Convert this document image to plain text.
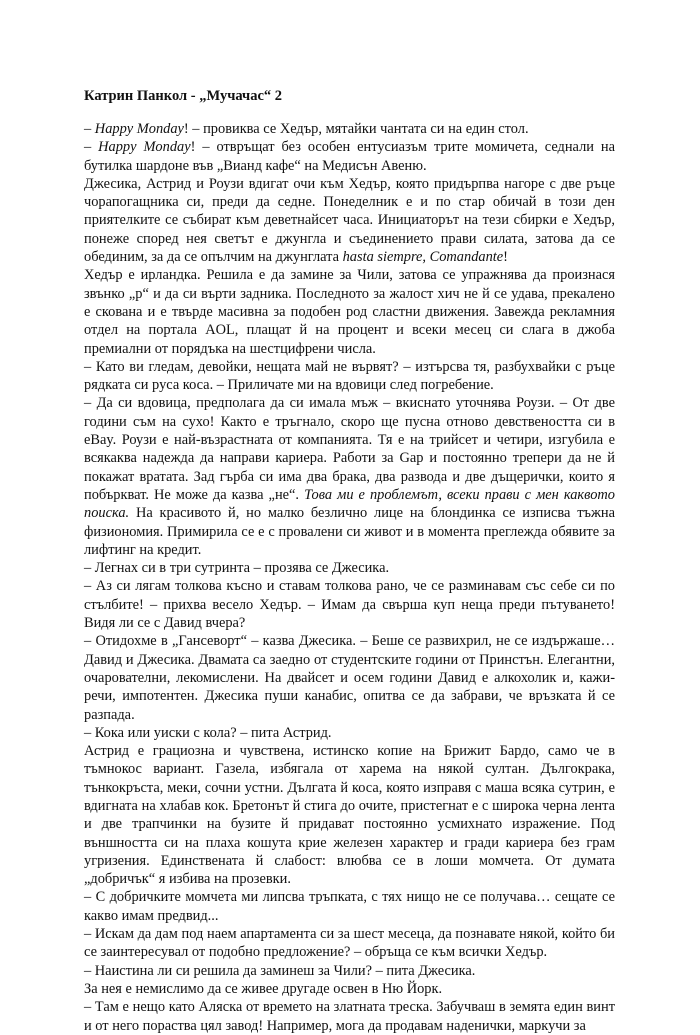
Катрин Панкол - „Мучачас“ 2

– Happy Monday! – провиква се Хедър, мятайки чантата си на един стол.

– Happy Monday! – отвръщат без особен ентусиазъм трите момичета, седнали на бутилка шардоне във „Вианд кафе“ на Медисън Авеню.

Джесика, Астрид и Роузи вдигат очи към Хедър, която придърпва нагоре с две ръце чорапогащника си, преди да седне. Понеделник е и по стар обичай в този ден приятелките се събират към деветнайсет часа. Инициаторът на тези сбирки е Хедър, понеже според нея светът е джунгла и съединението прави силата, затова да се обединим, за да се опълчим на джунглата hasta siempre, Comandante!

Хедър е ирландка. Решила е да замине за Чили, затова се упражнява да произнася звънко „р“ и да си върти задника. Последното за жалост хич не й се удава, прекалено е скована и е твърде масивна за подобен род сластни движения. Завежда рекламния отдел на портала AOL, плащат й на процент и всеки месец си слага в джоба премиални от порядъка на шестцифрени числа.

– Като ви гледам, девойки, нещата май не вървят? – изтърсва тя, разбухвайки с ръце рядката си руса коса. – Приличате ми на вдовици след погребение.

– Да си вдовица, предполага да си имала мъж – вкиснато уточнява Роузи. – От две години съм на сухо! Както е тръгнало, скоро ще пусна отново девствеността си в eBay. Роузи е най-възрастната от компанията. Тя е на трийсет и четири, изгубила е всякаква надежда да направи кариера. Работи за Gap и постоянно трепери да не й покажат вратата. Зад гърба си има два брака, два развода и две дъщерички, които я побъркват. Не може да казва „не“. Това ми е проблемът, всеки прави с мен каквото поиска. На красивото й, но малко безлично лице на блондинка се изписва тъжна физиономия. Примирила се е с провалени си живот и в момента преглежда обявите за лифтинг на кредит.

– Легнах си в три сутринта – прозява се Джесика.

– Аз си лягам толкова късно и ставам толкова рано, че се разминавам със себе си по стълбите! – прихва весело Хедър. – Имам да свърша куп неща преди пътуването! Видя ли се с Давид вчера?

– Отидохме в „Гансеворт“ – казва Джесика. – Беше се развихрил, не се издържаше… Давид и Джесика. Двамата са заедно от студентските години от Принстън. Елегантни, очарователни, лекомислени. На двайсет и осем години Давид е алкохолик и, кажи-речи, импотентен. Джесика пуши канабис, опитва се да забрави, че връзката й се разпада.

– Кока или уиски с кола? – пита Астрид.

Астрид е грациозна и чувствена, истинско копие на Брижит Бардо, само че в тъмнокос вариант. Газела, избягала от харема на някой султан. Дългокрака, тънкокръста, меки, сочни устни. Дългата й коса, която изправя с маша всяка сутрин, е вдигната на хлабав кок. Бретонът й стига до очите, пристегнат е с широка черна лента и две трапчинки на бузите й придават постоянно усмихнато изражение. Под външността си на плаха кошута крие железен характер и гради кариера без грам угризения. Единствената й слабост: влюбва се в лоши момчета. От думата „добричък“ я избива на прозевки.

– С добричките момчета ми липсва тръпката, с тях нищо не се получава… сещате се какво имам предвид...

– Искам да дам под наем апартамента си за шест месеца, да познавате някой, който би се заинтересувал от подобно предложение? – обръща се към всички Хедър.

– Наистина ли си решила да заминеш за Чили? – пита Джесика.

За нея е немислимо да се живее другаде освен в Ню Йорк.

– Там е нещо като Аляска от времето на златната треска. Забучваш в земята един винт и от него пораства цял завод! Например, мога да продавам наденички, маркучи за
